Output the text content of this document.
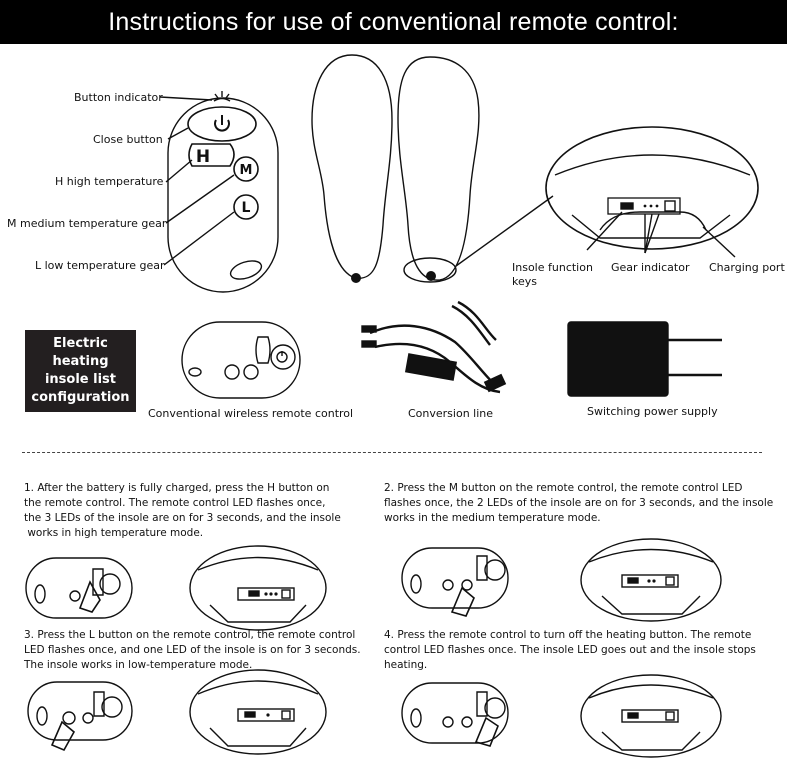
Instructions for use of conventional remote control:
H
M
L
Button indicator
Close button
H high temperature
M medium temperature gear
L low temperature gear	Insole function
keys
Gear indicator Charging port
Electric heating
insole list
configuration
Conventional wireless remote control	Conversion line	Switching power supply
1. After the battery is fully charged, press the H button on
the remote control. The remote control LED flashes once,
the 3 LEDs of the insole are on for 3 seconds, and the insole
works in high temperature mode.
2. Press the M button on the remote control, the remote control LED
flashes once, the 2 LEDs of the insole are on for 3 seconds, and the insole
works in the medium temperature mode.
3. Press the L button on the remote control, the remote control
LED flashes once, and one LED of the insole is on for 3 seconds.
The insole works in low-temperature mode.
4. Press the remote control to turn off the heating button. The remote
control LED flashes once. The insole LED goes out and the insole stops
heating.
